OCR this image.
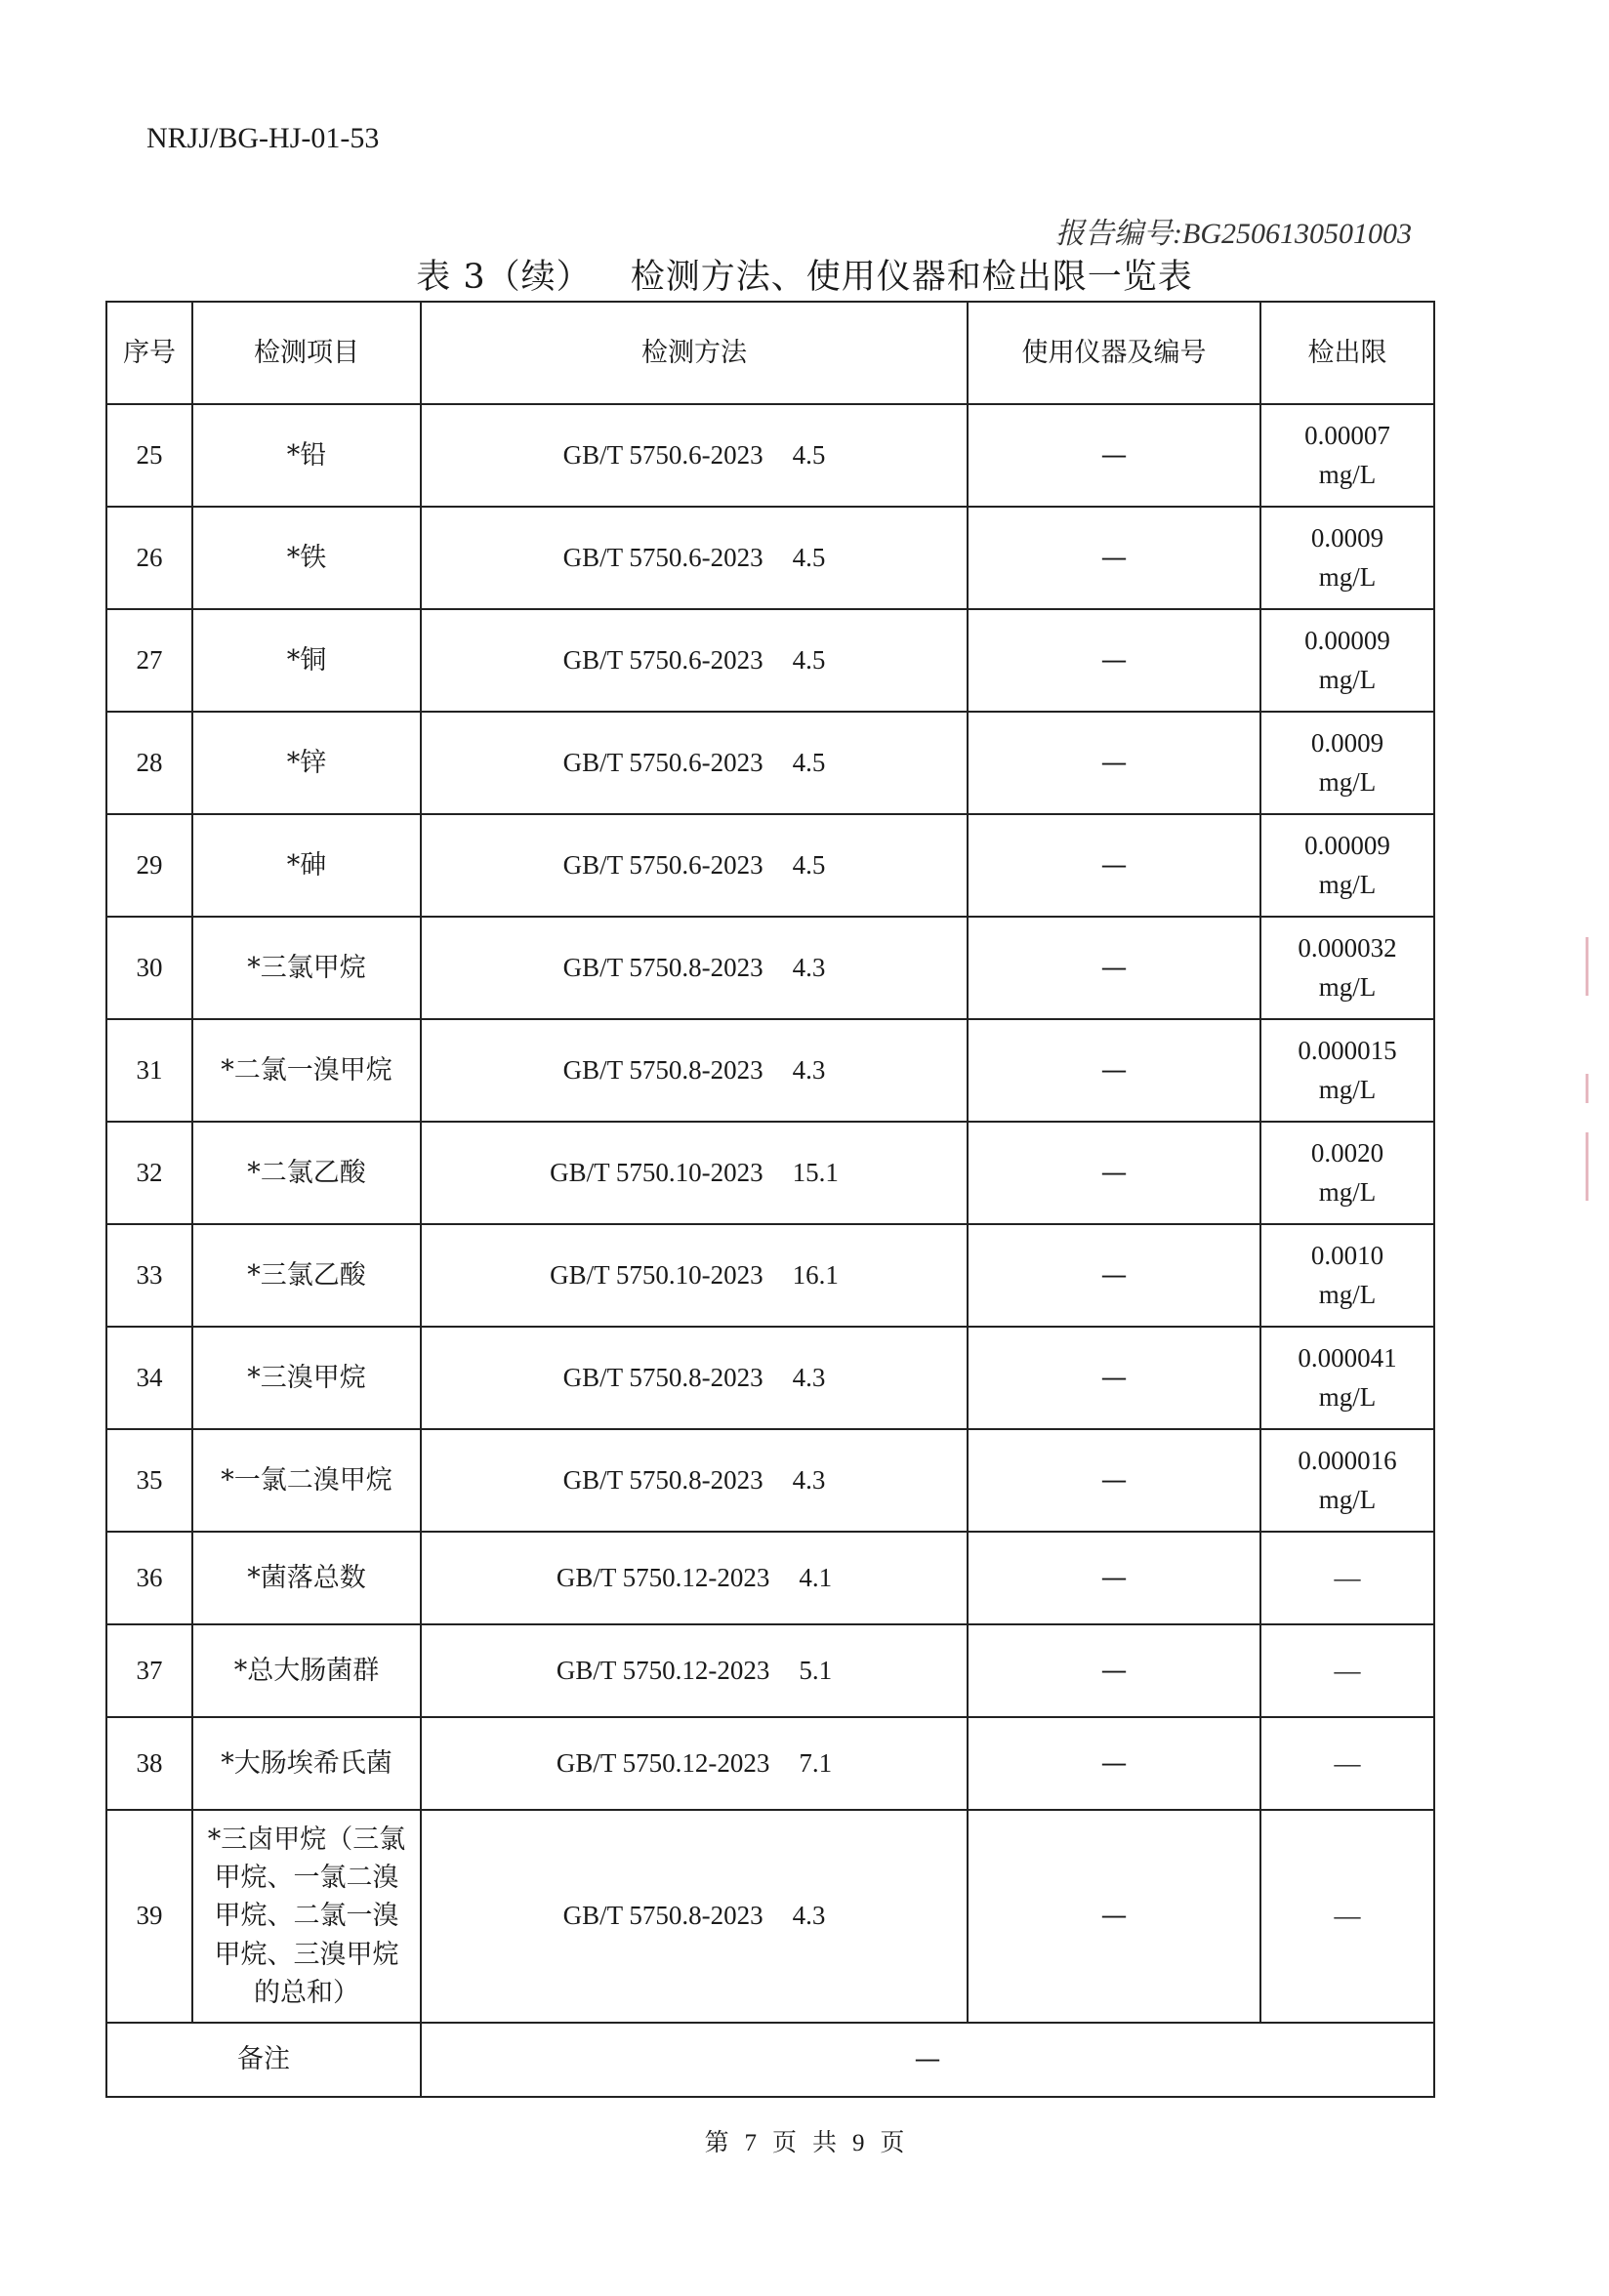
NRJJ/BG-HJ-01-53
报告编号:BG2506130501003
表 3（续） 检测方法、使用仪器和检出限一览表
序号	检测项目	检测方法	使用仪器及编号	检出限
25	*铅	GB/T 5750.6-2023 4.5	—	0.00007
mg/L

26	*铁	GB/T 5750.6-2023 4.5	—	0.0009
mg/L

27	*铜	GB/T 5750.6-2023 4.5	—	0.00009
mg/L

28	*锌	GB/T 5750.6-2023 4.5	—	0.0009
mg/L

29	*砷	GB/T 5750.6-2023 4.5	—	0.00009
mg/L

30	*三氯甲烷	GB/T 5750.8-2023 4.3	—	0.000032
mg/L

31	*二氯一溴甲烷	GB/T 5750.8-2023 4.3	—	0.000015
mg/L

32	*二氯乙酸	GB/T 5750.10-2023 15.1	—	0.0020
mg/L

33	*三氯乙酸	GB/T 5750.10-2023 16.1	—	0.0010
mg/L

34	*三溴甲烷	GB/T 5750.8-2023 4.3	—	0.000041
mg/L

35	*一氯二溴甲烷	GB/T 5750.8-2023 4.3	—	0.000016
mg/L

36	*菌落总数	GB/T 5750.12-2023 4.1	—	—
37	*总大肠菌群	GB/T 5750.12-2023 5.1	—	—
38	*大肠埃希氏菌	GB/T 5750.12-2023 7.1	—	—
39	*三卤甲烷（三氯
甲烷、一氯二溴
甲烷、二氯一溴
甲烷、三溴甲烷
的总和）	GB/T 5750.8-2023 4.3	—	—
备注		—		
第 7 页 共 9 页
